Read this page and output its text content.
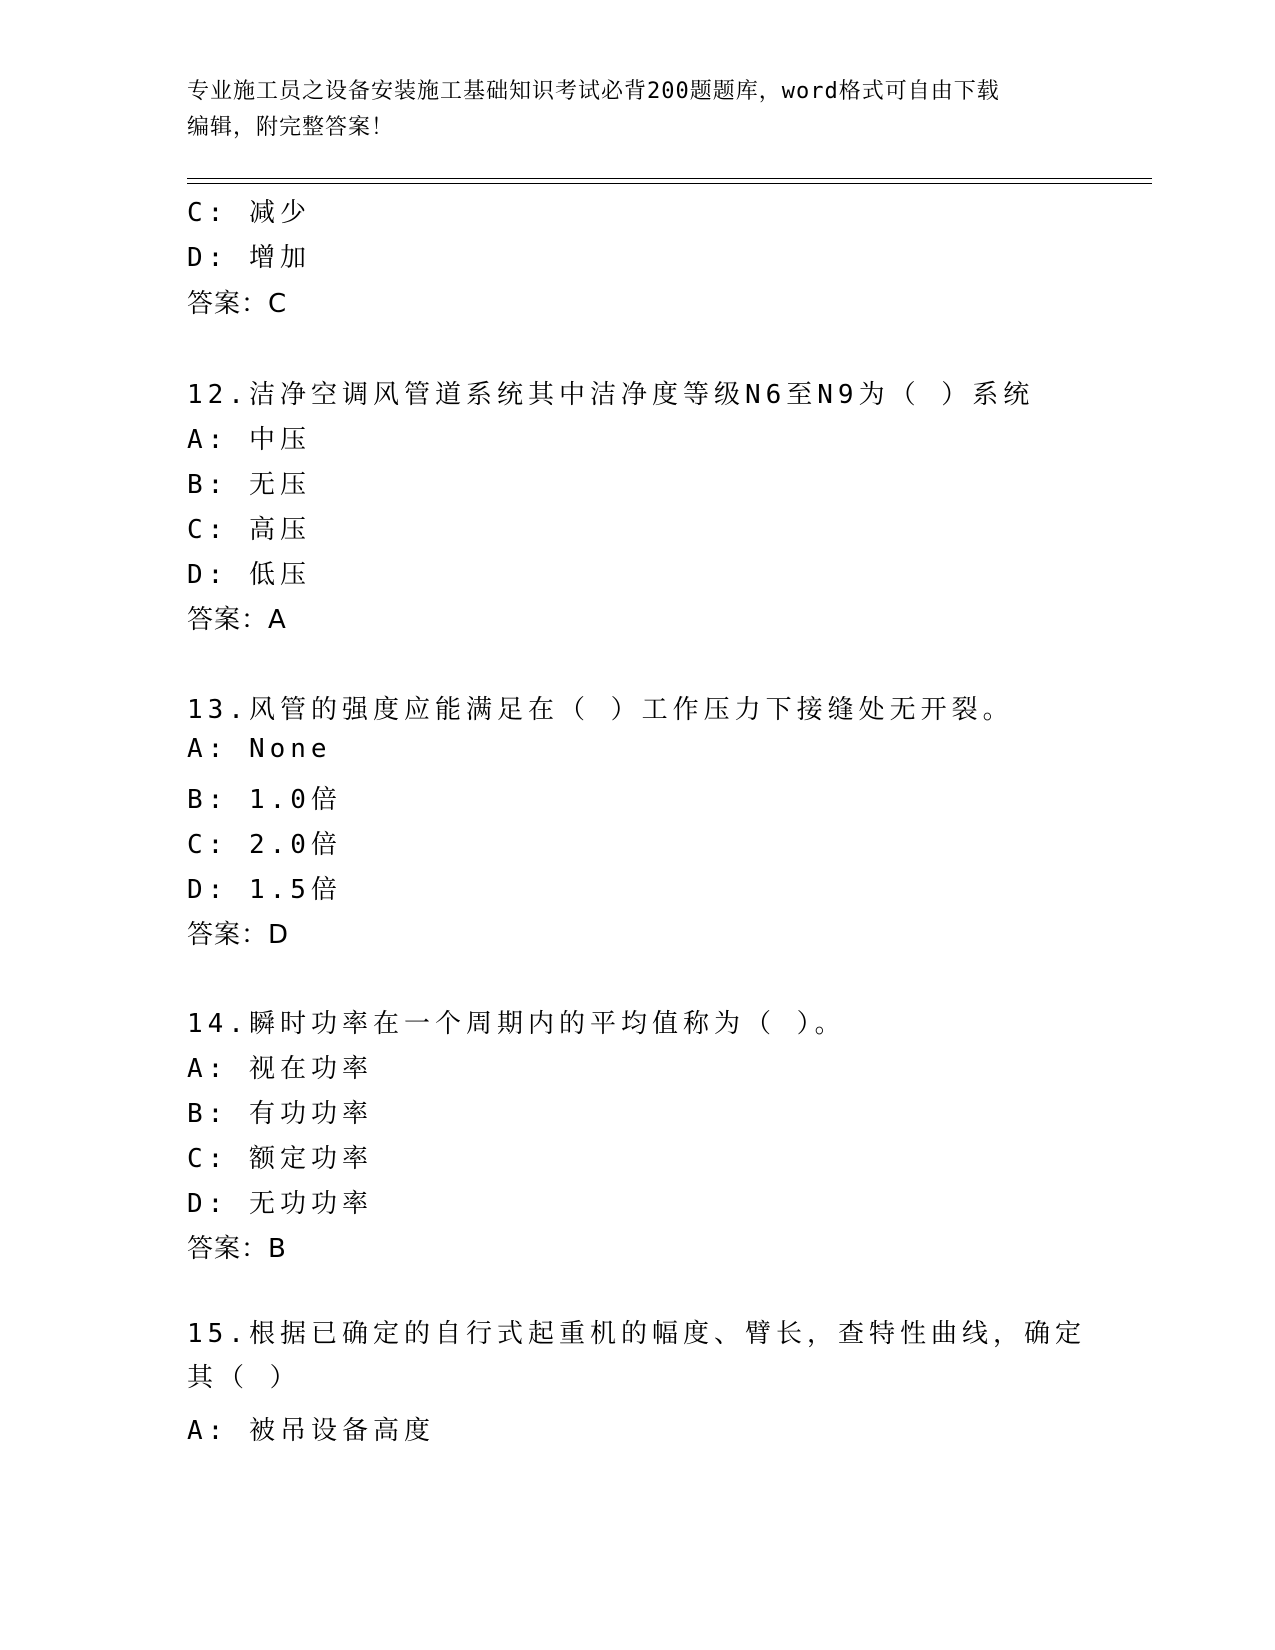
专业施工员之设备安装施工基础知识考试必背200题题库，word格式可自由下载
编辑，附完整答案！
C: 减少
D: 增加
答案：C
12.洁净空调风管道系统其中洁净度等级N6至N9为（ ）系统
A: 中压
B: 无压
C: 高压
D: 低压
答案：A
13.风管的强度应能满足在（ ）工作压力下接缝处无开裂。
A: None
B: 1.0倍
C: 2.0倍
D: 1.5倍
答案：D
14.瞬时功率在一个周期内的平均值称为（ ）。
A: 视在功率
B: 有功功率
C: 额定功率
D: 无功功率
答案：B
15.根据已确定的自行式起重机的幅度、臂长，查特性曲线，确定其（ ）
A: 被吊设备高度
